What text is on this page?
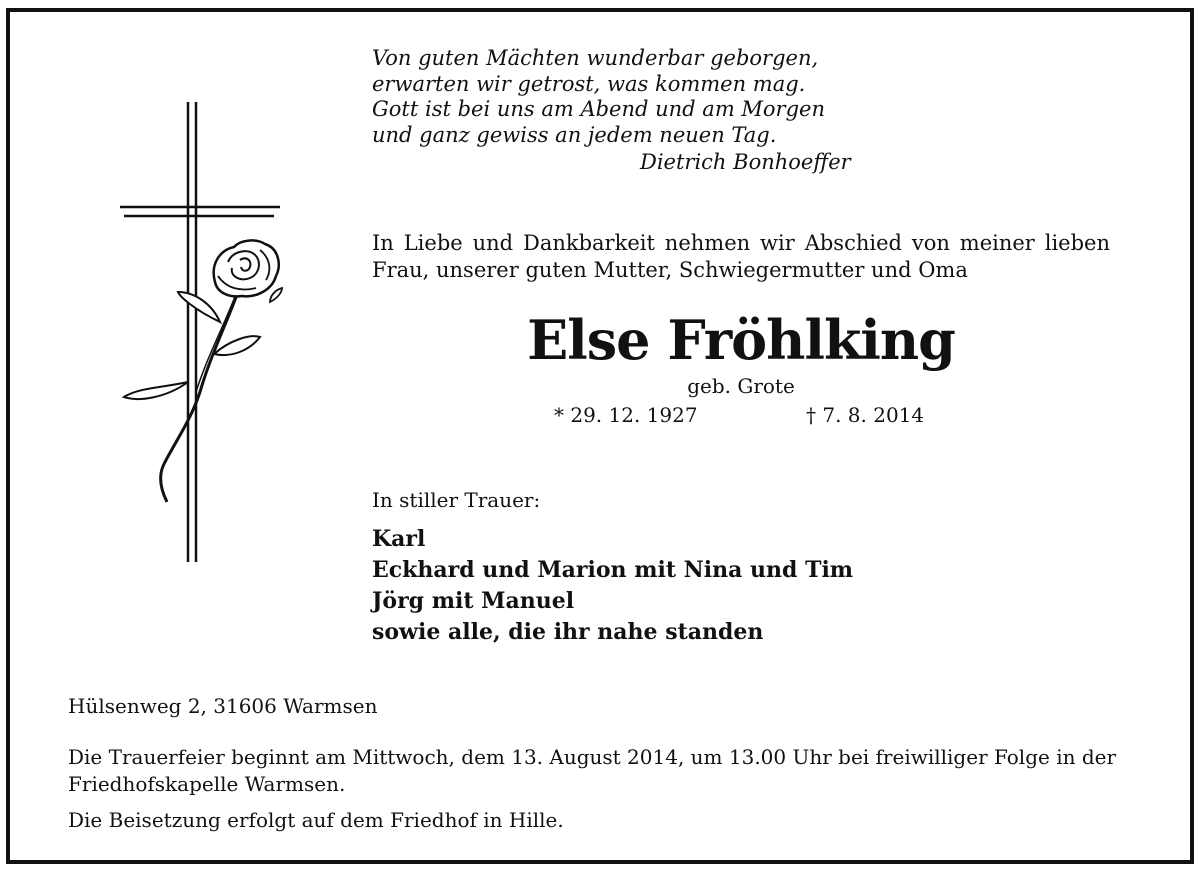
Von guten Mächten wunderbar geborgen,
erwarten wir getrost, was kommen mag.
Gott ist bei uns am Abend und am Morgen
und ganz gewiss an jedem neuen Tag.
Dietrich Bonhoeffer
In Liebe und Dankbarkeit nehmen wir Abschied von meiner lieben Frau, unserer guten Mutter, Schwiegermutter und Oma
Else Fröhlking
geb. Grote
* 29. 12. 1927	† 7. 8. 2014
In stiller Trauer:
Karl
Eckhard und Marion mit Nina und Tim
Jörg mit Manuel
sowie alle, die ihr nahe standen
Hülsenweg 2, 31606 Warmsen
Die Trauerfeier beginnt am Mittwoch, dem 13. August 2014, um 13.00 Uhr bei freiwilliger Folge in der Friedhofskapelle Warmsen.
Die Beisetzung erfolgt auf dem Friedhof in Hille.
